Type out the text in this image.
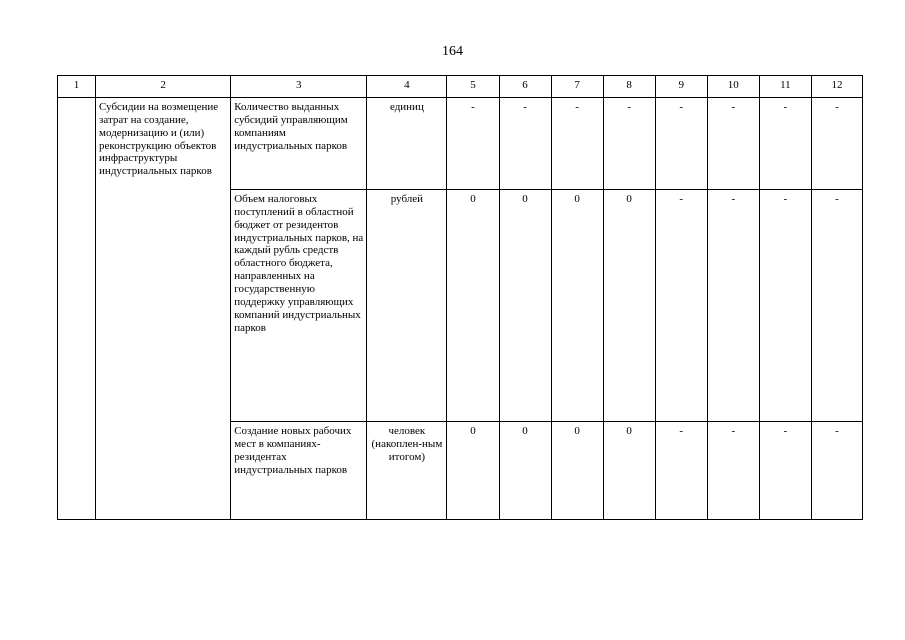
164
1	2	3	4	5	6	7	8	9	10	11	12
	Субсидии на возмещение затрат на создание, модернизацию и (или) реконструкцию объектов инфраструктуры индустриальных парков	Количество выданных субсидий управляющим компаниям индустриальных парков	единиц	-	-	-	-	-	-	-	-
		Объем налоговых поступлений в областной бюджет от резидентов индустриальных парков, на каждый рубль средств областного бюджета, направленных на государственную поддержку управляющих компаний индустриальных парков	рублей	0	0	0	0	-	-	-	-
		Создание новых рабочих мест в компаниях-резидентах индустриальных парков	человек (накоплен-ным итогом)	0	0	0	0	-	-	-	-
